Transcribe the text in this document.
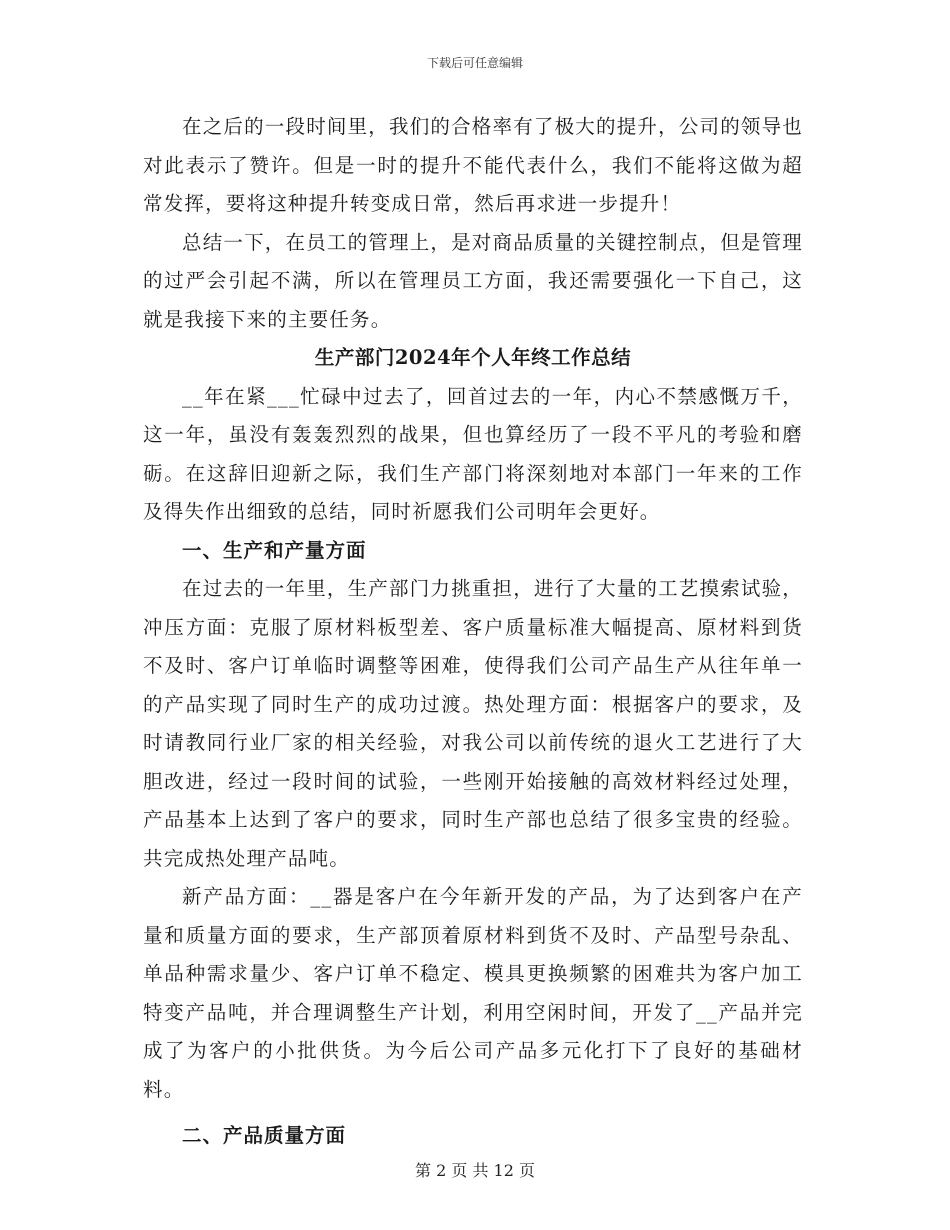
下载后可任意编辑

在之后的一段时间里，我们的合格率有了极大的提升，公司的领导也对此表示了赞许。但是一时的提升不能代表什么，我们不能将这做为超常发挥，要将这种提升转变成日常，然后再求进一步提升！

总结一下，在员工的管理上，是对商品质量的关键控制点，但是管理的过严会引起不满，所以在管理员工方面，我还需要强化一下自己，这就是我接下来的主要任务。

生产部门2024年个人年终工作总结

__年在紧___忙碌中过去了，回首过去的一年，内心不禁感慨万千，这一年，虽没有轰轰烈烈的战果，但也算经历了一段不平凡的考验和磨砺。在这辞旧迎新之际，我们生产部门将深刻地对本部门一年来的工作及得失作出细致的总结，同时祈愿我们公司明年会更好。

一、生产和产量方面

在过去的一年里，生产部门力挑重担，进行了大量的工艺摸索试验，冲压方面：克服了原材料板型差、客户质量标准大幅提高、原材料到货不及时、客户订单临时调整等困难，使得我们公司产品生产从往年单一的产品实现了同时生产的成功过渡。热处理方面：根据客户的要求，及时请教同行业厂家的相关经验，对我公司以前传统的退火工艺进行了大胆改进，经过一段时间的试验，一些刚开始接触的高效材料经过处理，产品基本上达到了客户的要求，同时生产部也总结了很多宝贵的经验。共完成热处理产品吨。

新产品方面：__器是客户在今年新开发的产品，为了达到客户在产量和质量方面的要求，生产部顶着原材料到货不及时、产品型号杂乱、单品种需求量少、客户订单不稳定、模具更换频繁的困难共为客户加工特变产品吨，并合理调整生产计划，利用空闲时间，开发了__产品并完成了为客户的小批供货。为今后公司产品多元化打下了良好的基础材料。

二、产品质量方面

第 2 页 共 12 页
